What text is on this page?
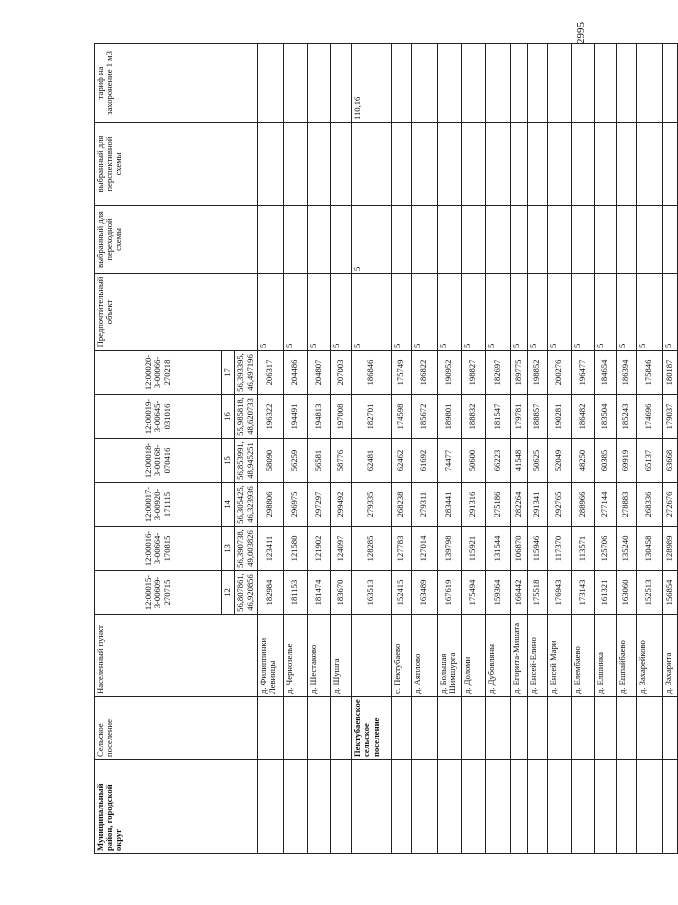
2995
Муниципальный район, городской округ	Сельское поселение	Населенный пункт	12:00015-3-00609-270715	12:00016-3-00664-170815	12:00017-3-00920-171115	12:00018-3-00168-070416	12:00019-3-00645-031016	12:00020-3-00066-270218	Предпочтительный объект	выбранный для переходной схемы	выбранный для перспективной схемы	тариф на захоронение 1 м3
			12	13	14	15	16	17				
			56,807861, 46,920856	56,390738, 49,003826	56,305425, 46,323936	56,853991, 48,945251	55,985818, 48,620733	56,393395, 46,497196				
		д. Филиппинки Левинцы	182984	123411	298806	58090	196322	206317	5			
		д. Чернозелье	181153	121580	296975	56259	194491	204486	5			
		д. Шестаково	181474	121902	297297	56581	194813	204807	5			
		д. Шушга	183670	124097	299492	58776	197008	207003	5			
	Пектубаевское сельское поселение		163513	128285	279335	62481	182701	186846	5	5		110,16
		с. Пектубаево	152415	127783	268238	62462	174598	175749	5			
		д. Аяплово	163489	127014	279311	61692	185672	186822	5			
		д. Большая Шимшургa	167619	139798	283441	74477	189801	190952	5			
		д. Доломи	175494	115921	291316	50600	188832	198827	5			
		д. Дубовляны	159364	131544	275186	66223	181547	182697	5			
		д. Егорита-Мишата	166442	106870	282264	41548	179781	189775	5			
		д. Енсей-Елино	175518	115946	291341	50625	188857	198852	5			
		д. Енсей Мари	176943	117370	292765	52049	190281	200276	5			
		д. Елембаево	173143	113571	288966	48250	186482	196477	5			
		д. Елшинка	161321	125706	277144	60385	183504	184654	5			
		д. Ешпайбаево	163060	135240	278883	69919	185243	186394	5			
		д. Захарейково	152513	130458	268336	65137	174696	175846	5			
		д. Захарита	156854	128989	272676	63668	179037	180187	5			
